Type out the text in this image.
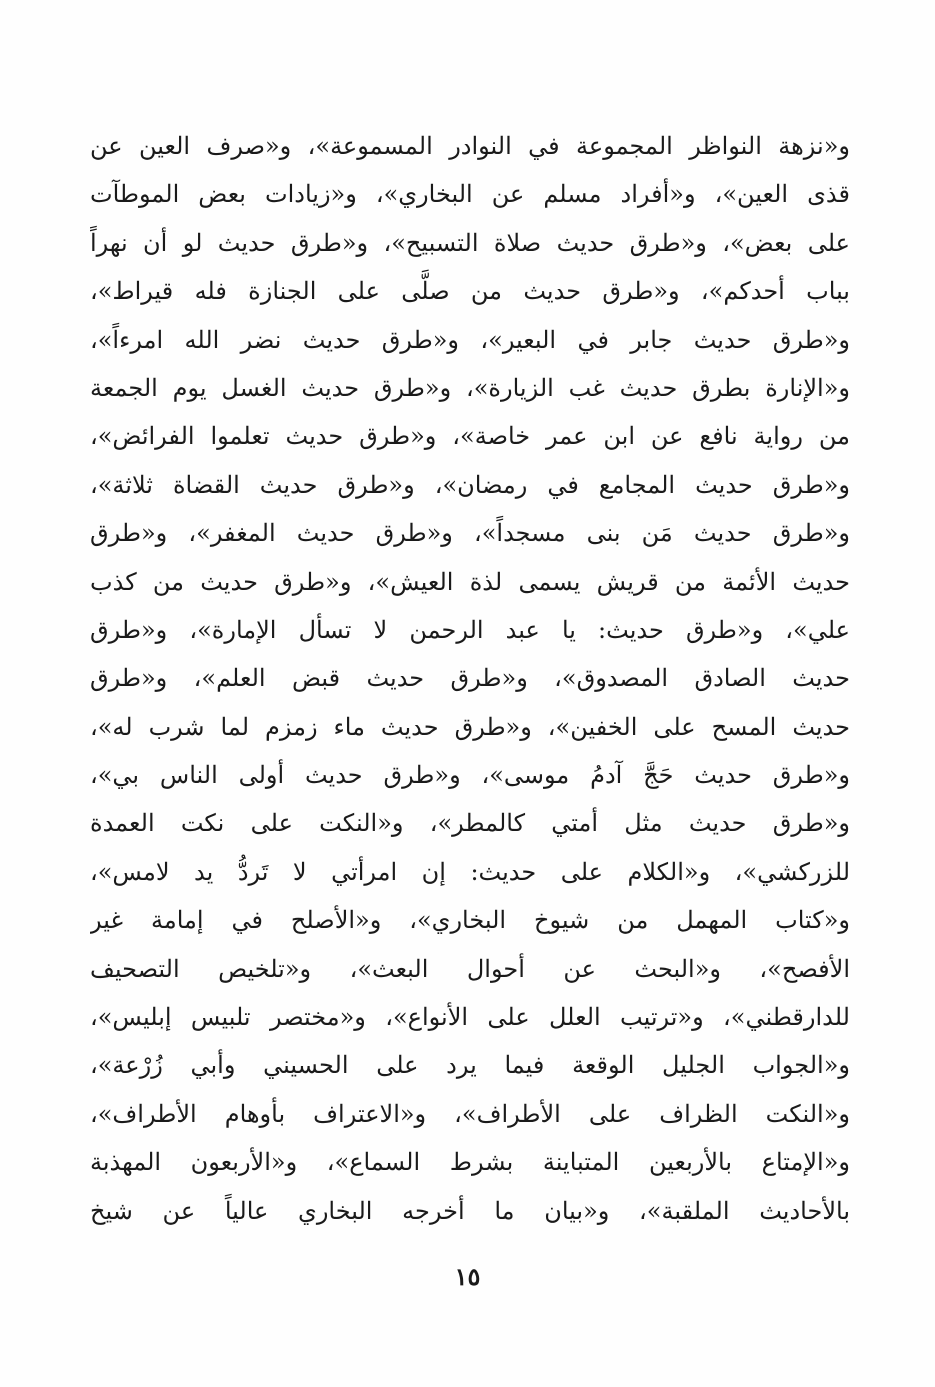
و«نزهة النواظر المجموعة في النوادر المسموعة»، و«صرف العين عن
قذى العين»، و«أفراد مسلم عن البخاري»، و«زيادات بعض الموطآت
على بعض»، و«طرق حديث صلاة التسبيح»، و«طرق حديث لو أن نهراً
بباب أحدكم»، و«طرق حديث من صلَّى على الجنازة فله قيراط»،
و«طرق حديث جابر في البعير»، و«طرق حديث نضر الله امرءاً»،
و«الإنارة بطرق حديث غب الزيارة»، و«طرق حديث الغسل يوم الجمعة
من رواية نافع عن ابن عمر خاصة»، و«طرق حديث تعلموا الفرائض»،
و«طرق حديث المجامع في رمضان»، و«طرق حديث القضاة ثلاثة»،
و«طرق حديث مَن بنى مسجداً»، و«طرق حديث المغفر»، و«طرق
حديث الأئمة من قريش يسمى لذة العيش»، و«طرق حديث من كذب
علي»، و«طرق حديث: يا عبد الرحمن لا تسأل الإمارة»، و«طرق
حديث الصادق المصدوق»، و«طرق حديث قبض العلم»، و«طرق
حديث المسح على الخفين»، و«طرق حديث ماء زمزم لما شرب له»،
و«طرق حديث حَجَّ آدمُ موسى»، و«طرق حديث أولى الناس بي»،
و«طرق حديث مثل أمتي كالمطر»، و«النكت على نكت العمدة
للزركشي»، و«الكلام على حديث: إن امرأتي لا تَردُّ يد لامس»،
و«كتاب المهمل من شيوخ البخاري»، و«الأصلح في إمامة غير
الأفصح»، و«البحث عن أحوال البعث»، و«تلخيص التصحيف
للدارقطني»، و«ترتيب العلل على الأنواع»، و«مختصر تلبيس إبليس»،
و«الجواب الجليل الوقعة فيما يرد على الحسيني وأبي زُرْعة»،
و«النكت الظراف على الأطراف»، و«الاعتراف بأوهام الأطراف»،
و«الإمتاع بالأربعين المتباينة بشرط السماع»، و«الأربعون المهذبة
بالأحاديث الملقبة»، و«بيان ما أخرجه البخاري عالياً عن شيخ
١٥
